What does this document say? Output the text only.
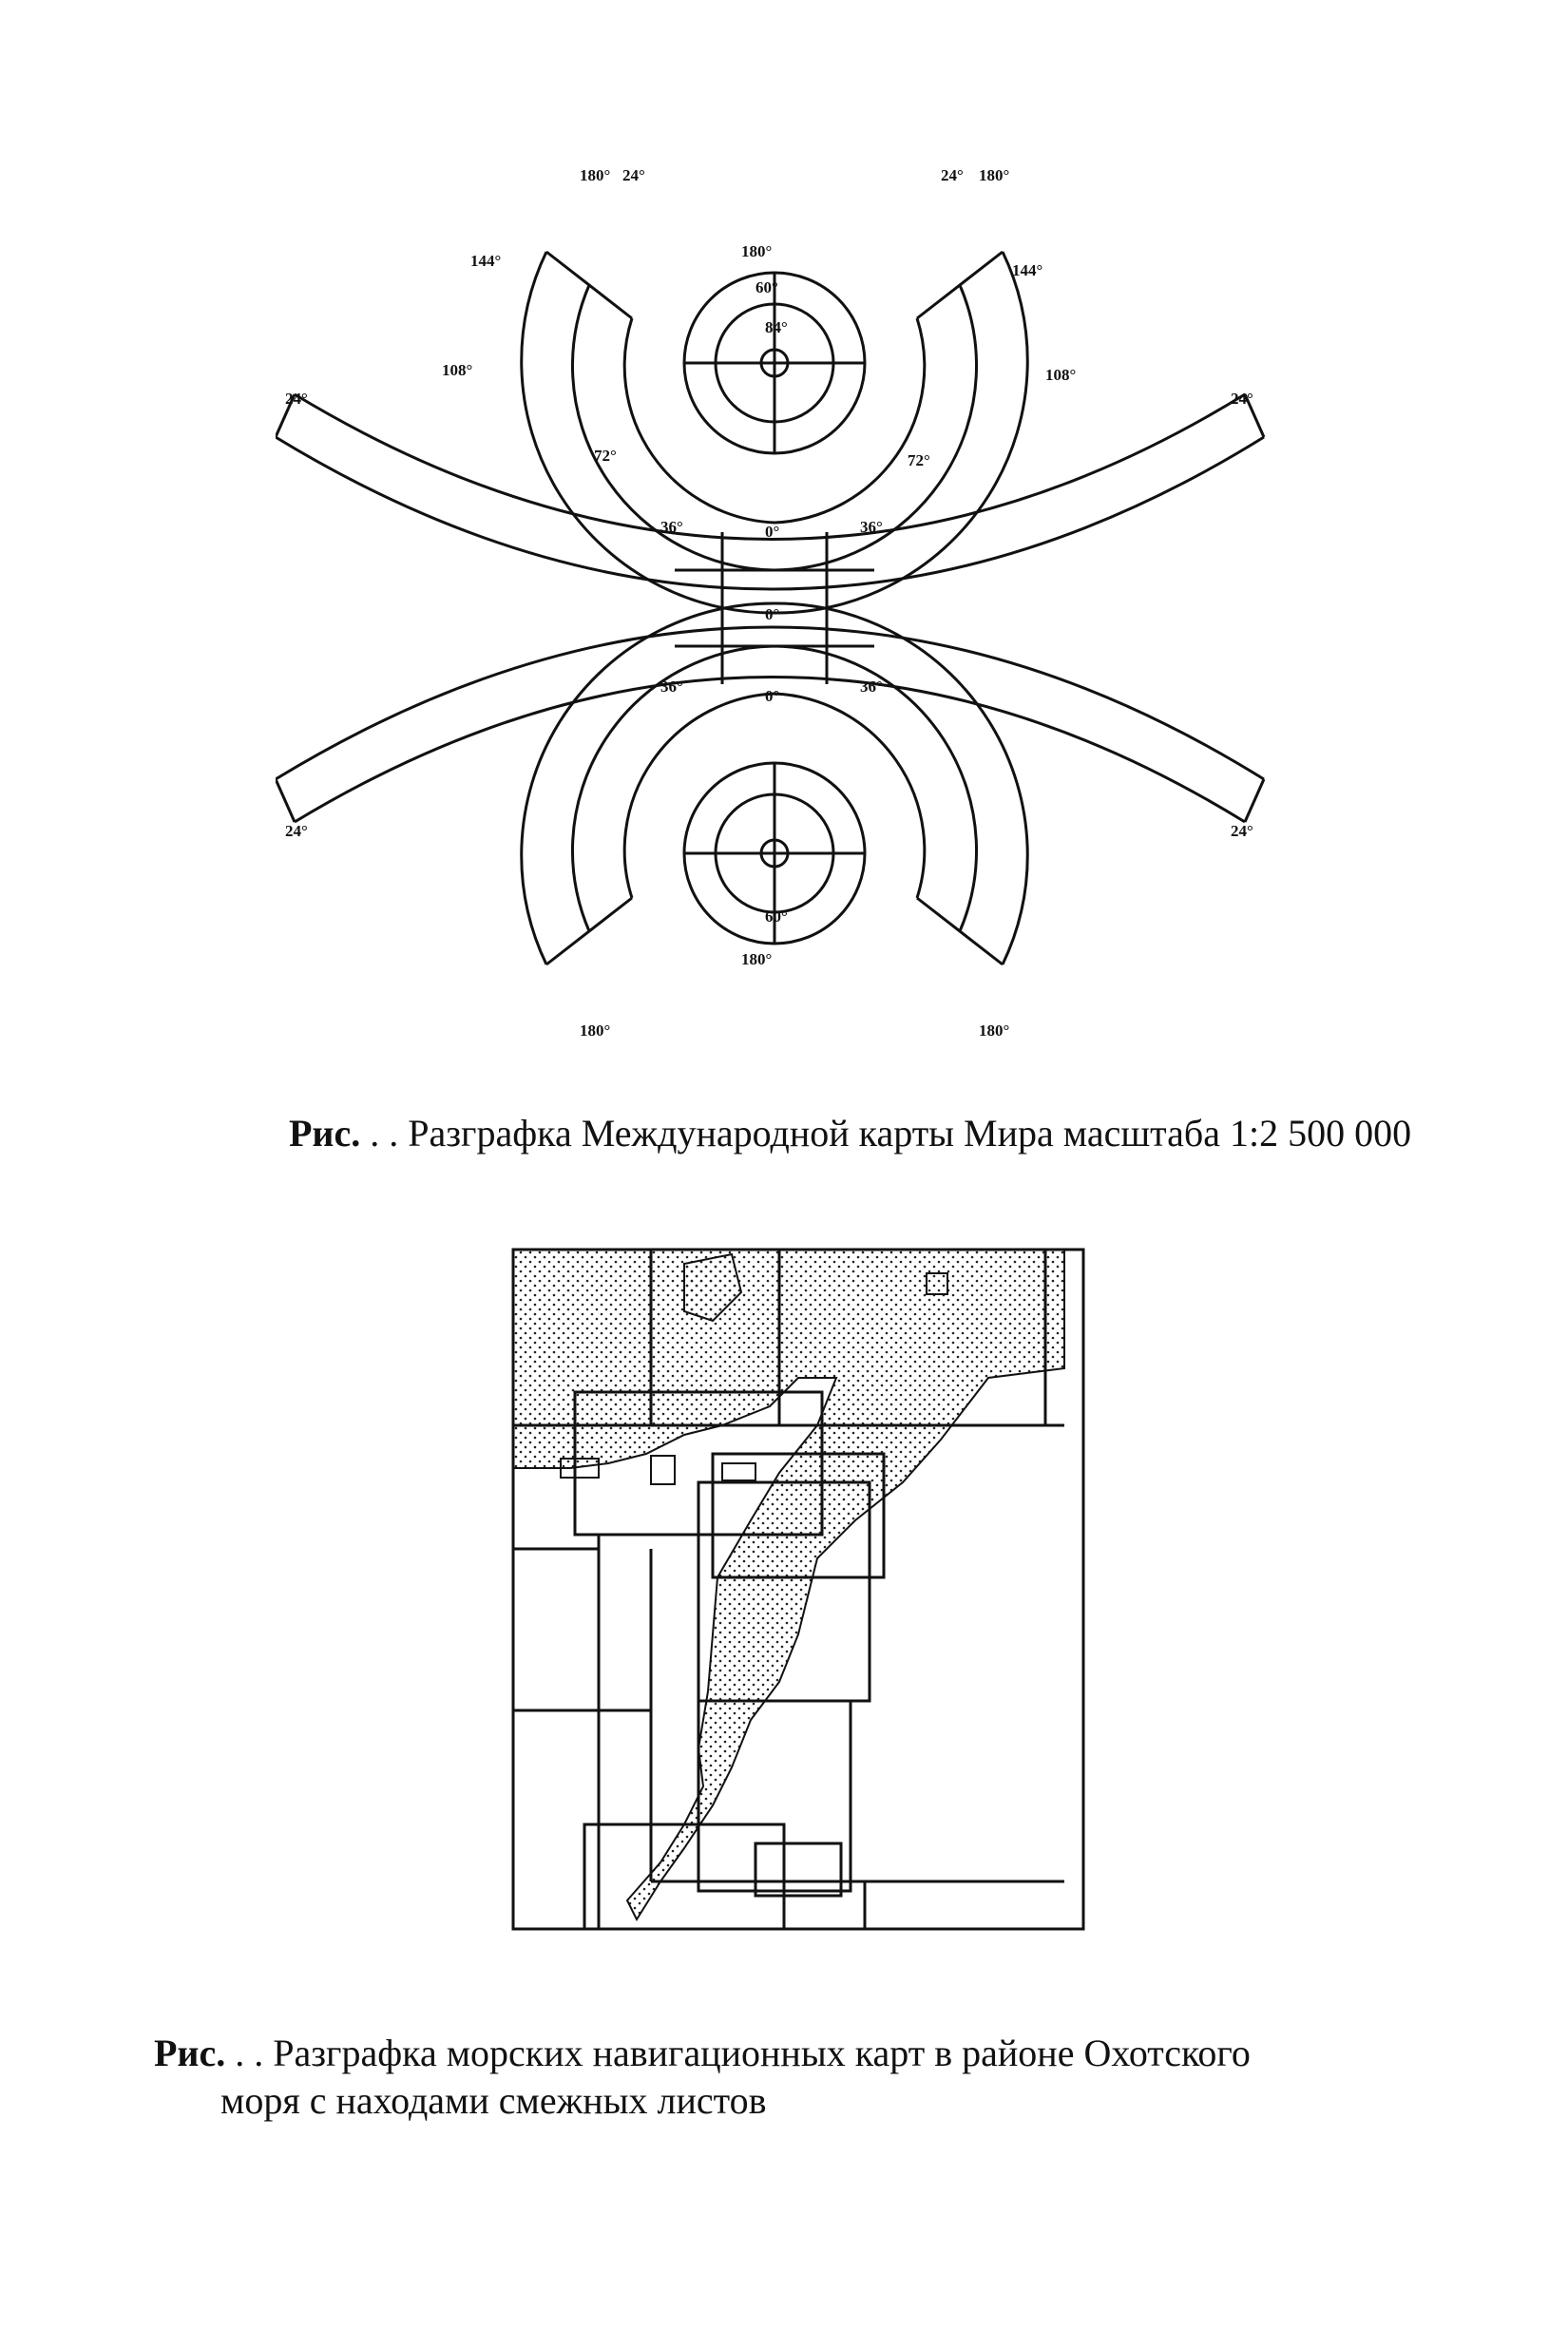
180° 24°	24° 180°
144°
144°
108°	108°
180°
60°
84°
72°	72°
36°	36°
0°
0°
0°
36°	36°
24°	24°
24°	24°
180°
60°
180°	180°
Рис. . . Разграфка Международной карты Мира масштаба 1:2 500 000
Рис. . . Разграфка морских навигационных карт в районе Охотского
моря с находами смежных листов
